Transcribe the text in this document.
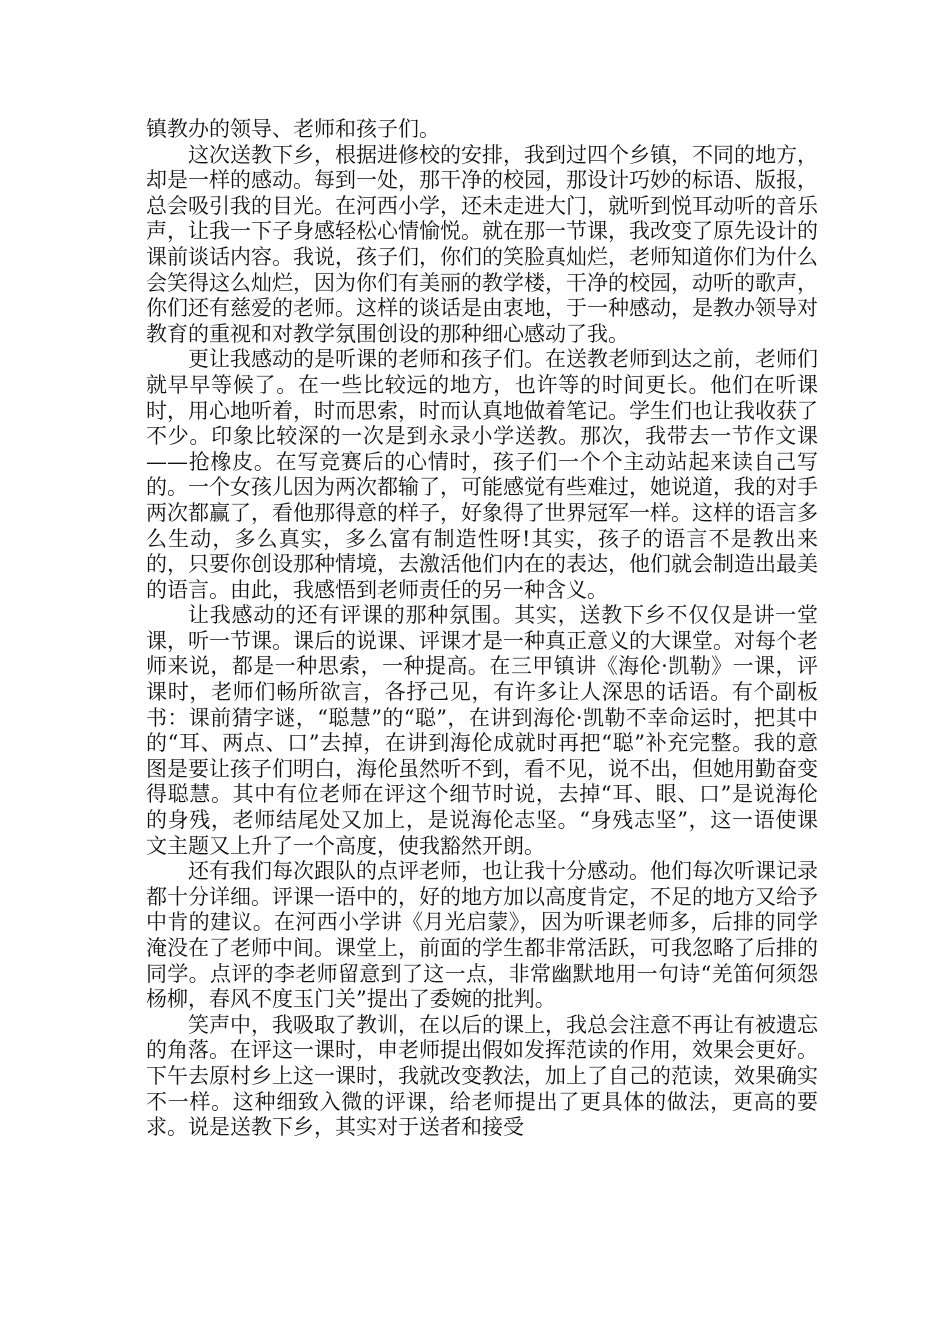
镇教办的领导、老师和孩子们。

这次送教下乡，根据进修校的安排，我到过四个乡镇，不同的地方，却是一样的感动。每到一处，那干净的校园，那设计巧妙的标语、版报，总会吸引我的目光。在河西小学，还未走进大门，就听到悦耳动听的音乐声，让我一下子身感轻松心情愉悦。就在那一节课，我改变了原先设计的课前谈话内容。我说，孩子们，你们的笑脸真灿烂，老师知道你们为什么会笑得这么灿烂，因为你们有美丽的教学楼，干净的校园，动听的歌声，你们还有慈爱的老师。这样的谈话是由衷地，于一种感动，是教办领导对教育的重视和对教学氛围创设的那种细心感动了我。

更让我感动的是听课的老师和孩子们。在送教老师到达之前，老师们就早早等候了。在一些比较远的地方，也许等的时间更长。他们在听课时，用心地听着，时而思索，时而认真地做着笔记。学生们也让我收获了不少。印象比较深的一次是到永录小学送教。那次，我带去一节作文课——抢橡皮。在写竞赛后的心情时，孩子们一个个主动站起来读自己写的。一个女孩儿因为两次都输了，可能感觉有些难过，她说道，我的对手两次都赢了，看他那得意的样子，好象得了世界冠军一样。这样的语言多么生动，多么真实，多么富有制造性呀!其实，孩子的语言不是教出来的，只要你创设那种情境，去激活他们内在的表达，他们就会制造出最美的语言。由此，我感悟到老师责任的另一种含义。

让我感动的还有评课的那种氛围。其实，送教下乡不仅仅是讲一堂课，听一节课。课后的说课、评课才是一种真正意义的大课堂。对每个老师来说，都是一种思索，一种提高。在三甲镇讲《海伦·凯勒》一课，评课时，老师们畅所欲言，各抒己见，有许多让人深思的话语。有个副板书：课前猜字谜，“聪慧”的“聪”，在讲到海伦·凯勒不幸命运时，把其中的“耳、两点、口”去掉，在讲到海伦成就时再把“聪”补充完整。我的意图是要让孩子们明白，海伦虽然听不到，看不见，说不出，但她用勤奋变得聪慧。其中有位老师在评这个细节时说，去掉“耳、眼、口”是说海伦的身残，老师结尾处又加上，是说海伦志坚。“身残志坚”，这一语使课文主题又上升了一个高度，使我豁然开朗。

还有我们每次跟队的点评老师，也让我十分感动。他们每次听课记录都十分详细。评课一语中的，好的地方加以高度肯定，不足的地方又给予中肯的建议。在河西小学讲《月光启蒙》，因为听课老师多，后排的同学淹没在了老师中间。课堂上，前面的学生都非常活跃，可我忽略了后排的同学。点评的李老师留意到了这一点，非常幽默地用一句诗“羌笛何须怨杨柳，春风不度玉门关”提出了委婉的批判。

笑声中，我吸取了教训，在以后的课上，我总会注意不再让有被遗忘的角落。在评这一课时，申老师提出假如发挥范读的作用，效果会更好。下午去原村乡上这一课时，我就改变教法，加上了自己的范读，效果确实不一样。这种细致入微的评课，给老师提出了更具体的做法，更高的要求。说是送教下乡，其实对于送者和接受
